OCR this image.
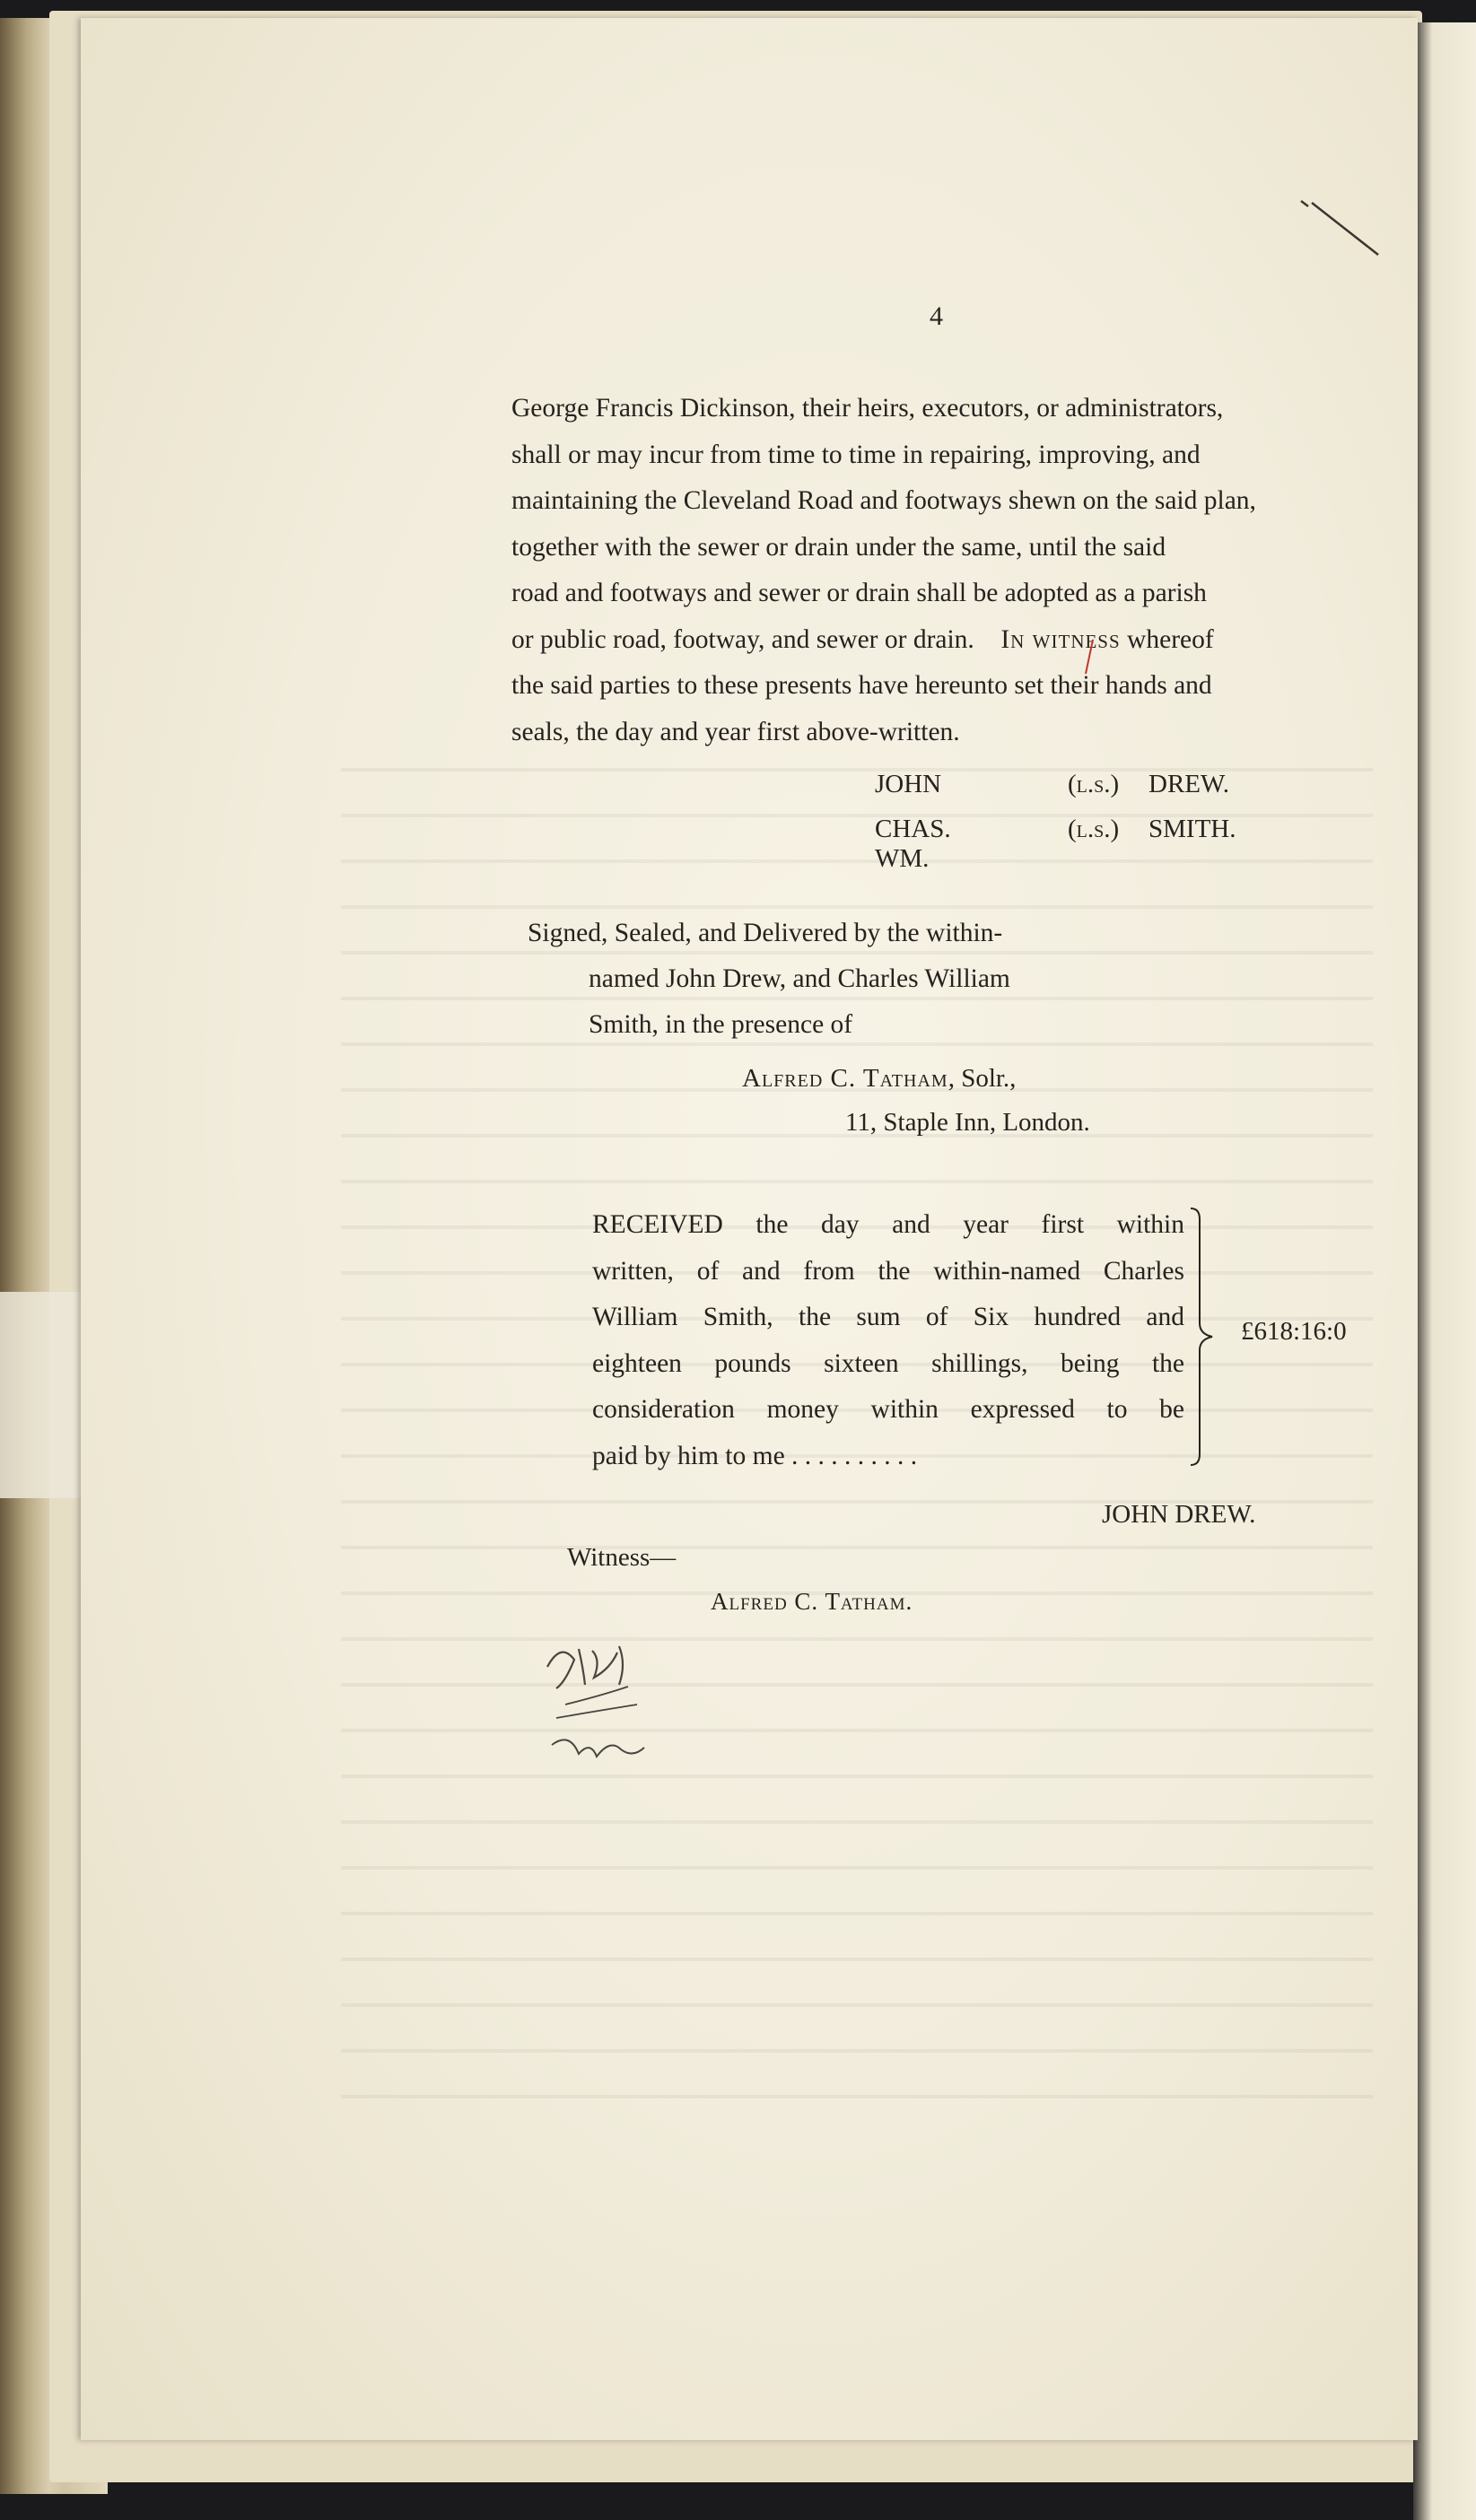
4

George Francis Dickinson, their heirs, executors, or administrators,

shall or may incur from time to time in repairing, improving, and

maintaining the Cleveland Road and footways shewn on the said plan,

together with the sewer or drain under the same, until the said

road and footways and sewer or drain shall be adopted as a parish

or public road, footway, and sewer or drain. In witness whereof

the said parties to these presents have hereunto set their hands and

seals, the day and year first above-written.

JOHN	(l.s.) DREW.
CHAS. WM.
(l.s.) SMITH.
Signed, Sealed, and Delivered by the within-
named John Drew, and Charles William
Smith, in the presence of
Alfred C. Tatham, Solr.,
11, Staple Inn, London.

RECEIVED the day and year first within

written, of and from the within-named Charles

William Smith, the sum of Six hundred and

eighteen pounds sixteen shillings, being the

consideration money within expressed to be

paid by him to me . . . . . . . . . .

£618:16:0
JOHN DREW.
Witness—
Alfred C. Tatham.
